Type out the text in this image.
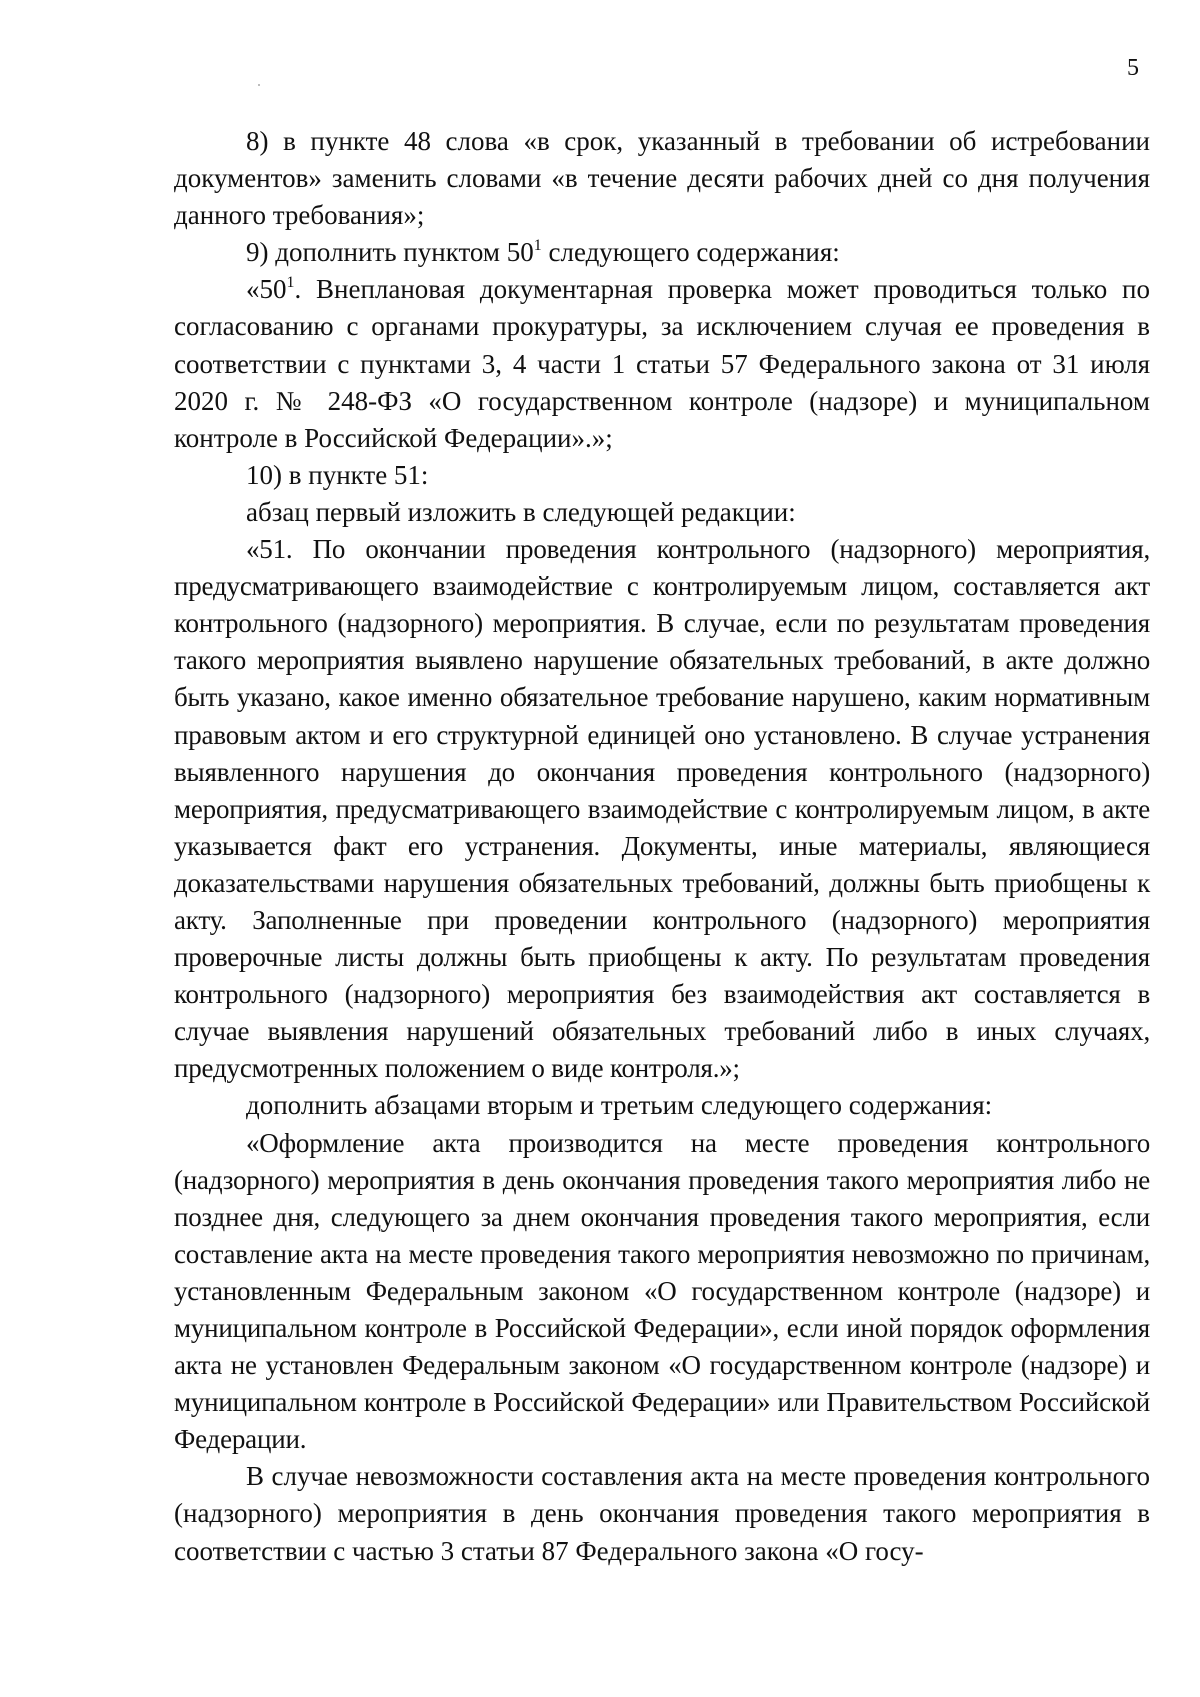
5

8) в пункте 48 слова «в срок, указанный в требовании об истребовании документов» заменить словами «в течение десяти рабочих дней со дня получения данного требования»;

9) дополнить пунктом $50^1$ следующего содержания:

«$50^1$. Внеплановая документарная проверка может проводиться только по согласованию с органами прокуратуры, за исключением случая ее проведения в соответствии с пунктами 3, 4 части 1 статьи 57 Федерального закона от 31 июля 2020 г. № 248-ФЗ «О государственном контроле (надзоре) и муниципальном контроле в Российской Федерации».»;

10) в пункте 51:

абзац первый изложить в следующей редакции:

«51. По окончании проведения контрольного (надзорного) мероприятия, предусматривающего взаимодействие с контролируемым лицом, составляется акт контрольного (надзорного) мероприятия. В случае, если по результатам проведения такого мероприятия выявлено нарушение обязательных требований, в акте должно быть указано, какое именно обязательное требование нарушено, каким нормативным правовым актом и его структурной единицей оно установлено. В случае устранения выявленного нарушения до окончания проведения контрольного (надзорного) мероприятия, предусматривающего взаимодействие с контролируемым лицом, в акте указывается факт его устранения. Документы, иные материалы, являющиеся доказательствами нарушения обязательных требований, должны быть приобщены к акту. Заполненные при проведении контрольного (надзорного) мероприятия проверочные листы должны быть приобщены к акту. По результатам проведения контрольного (надзорного) мероприятия без взаимодействия акт составляется в случае выявления нарушений обязательных требований либо в иных случаях, предусмотренных положением о виде контроля.»;

дополнить абзацами вторым и третьим следующего содержания:

«Оформление акта производится на месте проведения контрольного (надзорного) мероприятия в день окончания проведения такого мероприятия либо не позднее дня, следующего за днем окончания проведения такого мероприятия, если составление акта на месте проведения такого мероприятия невозможно по причинам, установленным Федеральным законом «О государственном контроле (надзоре) и муниципальном контроле в Российской Федерации», если иной порядок оформления акта не установлен Федеральным законом «О государственном контроле (надзоре) и муниципальном контроле в Российской Федерации» или Правительством Российской Федерации.

В случае невозможности составления акта на месте проведения контрольного (надзорного) мероприятия в день окончания проведения такого мероприятия в соответствии с частью 3 статьи 87 Федерального закона «О госу-
